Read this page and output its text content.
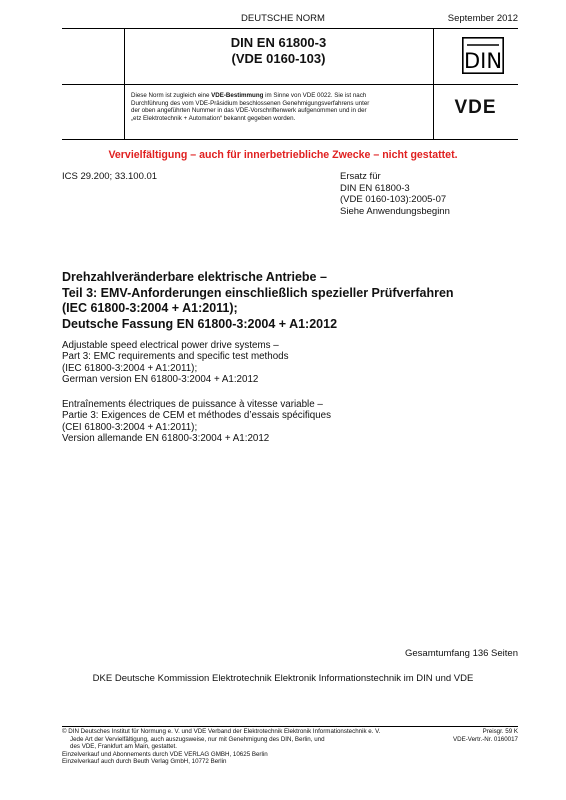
DEUTSCHE NORM	September 2012
DIN EN 61800-3
(VDE 0160-103)	DIN
Diese Norm ist zugleich eine VDE-Bestimmung im Sinne von VDE 0022. Sie ist nach
Durchführung des vom VDE-Präsidium beschlossenen Genehmigungsverfahrens unter
der oben angeführten Nummer in das VDE-Vorschriftenwerk aufgenommen und in der
„etz Elektrotechnik + Automation“ bekannt gegeben worden.
VDE
Vervielfältigung – auch für innerbetriebliche Zwecke – nicht gestattet.
ICS 29.200; 33.100.01	Ersatz für
DIN EN 61800-3
(VDE 0160-103):2005-07
Siehe Anwendungsbeginn
Drehzahlveränderbare elektrische Antriebe –
Teil 3: EMV-Anforderungen einschließlich spezieller Prüfverfahren
(IEC 61800-3:2004 + A1:2011);
Deutsche Fassung EN 61800-3:2004 + A1:2012
Adjustable speed electrical power drive systems –
Part 3: EMC requirements and specific test methods
(IEC 61800-3:2004 + A1:2011);
German version EN 61800-3:2004 + A1:2012
Entraînements électriques de puissance à vitesse variable –
Partie 3: Exigences de CEM et méthodes d’essais spécifiques
(CEI 61800-3:2004 + A1:2011);
Version allemande EN 61800-3:2004 + A1:2012
Gesamtumfang 136 Seiten
DKE Deutsche Kommission Elektrotechnik Elektronik Informationstechnik im DIN und VDE
© DIN Deutsches Institut für Normung e. V. und VDE Verband der Elektrotechnik Elektronik Informationstechnik e. V.
Jede Art der Vervielfältigung, auch auszugsweise, nur mit Genehmigung des DIN, Berlin, und
des VDE, Frankfurt am Main, gestattet.
Einzelverkauf und Abonnements durch VDE VERLAG GMBH, 10625 Berlin
Einzelverkauf auch durch Beuth Verlag GmbH, 10772 Berlin
Preisgr. 59 K
VDE-Vertr.-Nr. 0160017
